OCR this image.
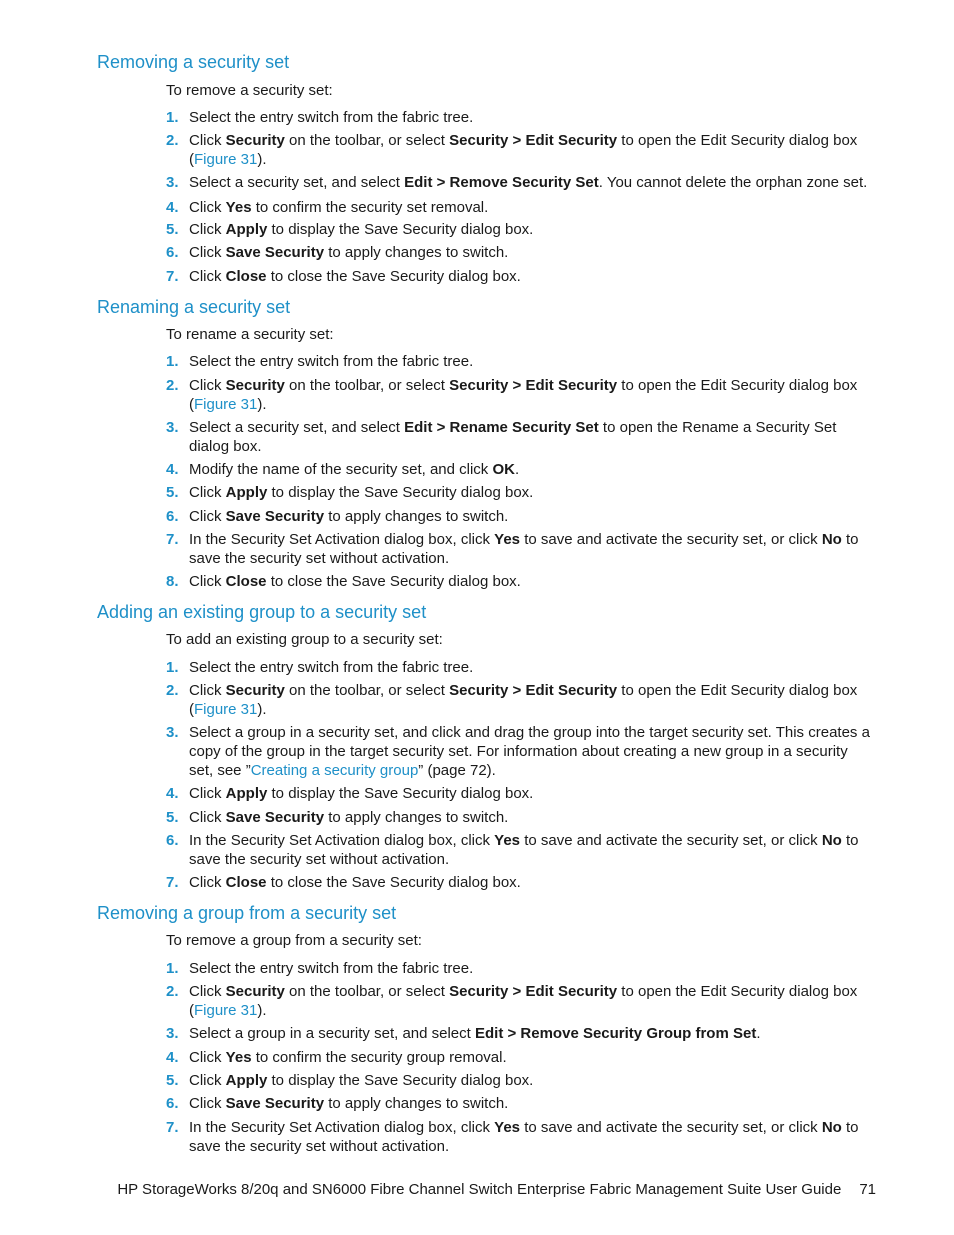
Removing a security set

To remove a security set:

1. Select the entry switch from the fabric tree.
2. Click Security on the toolbar, or select Security > Edit Security to open the Edit Security dialog box (Figure 31).
3. Select a security set, and select Edit > Remove Security Set. You cannot delete the orphan zone set.
4. Click Yes to confirm the security set removal.
5. Click Apply to display the Save Security dialog box.
6. Click Save Security to apply changes to switch.
7. Click Close to close the Save Security dialog box.
Renaming a security set

To rename a security set:

1. Select the entry switch from the fabric tree.
2. Click Security on the toolbar, or select Security > Edit Security to open the Edit Security dialog box (Figure 31).
3. Select a security set, and select Edit > Rename Security Set to open the Rename a Security Set dialog box.
4. Modify the name of the security set, and click OK.
5. Click Apply to display the Save Security dialog box.
6. Click Save Security to apply changes to switch.
7. In the Security Set Activation dialog box, click Yes to save and activate the security set, or click No to save the security set without activation.
8. Click Close to close the Save Security dialog box.
Adding an existing group to a security set

To add an existing group to a security set:

1. Select the entry switch from the fabric tree.
2. Click Security on the toolbar, or select Security > Edit Security to open the Edit Security dialog box (Figure 31).
3. Select a group in a security set, and click and drag the group into the target security set. This creates a copy of the group in the target security set. For information about creating a new group in a security set, see ”Creating a security group” (page 72).
4. Click Apply to display the Save Security dialog box.
5. Click Save Security to apply changes to switch.
6. In the Security Set Activation dialog box, click Yes to save and activate the security set, or click No to save the security set without activation.
7. Click Close to close the Save Security dialog box.
Removing a group from a security set

To remove a group from a security set:

1. Select the entry switch from the fabric tree.
2. Click Security on the toolbar, or select Security > Edit Security to open the Edit Security dialog box (Figure 31).
3. Select a group in a security set, and select Edit > Remove Security Group from Set.
4. Click Yes to confirm the security group removal.
5. Click Apply to display the Save Security dialog box.
6. Click Save Security to apply changes to switch.
7. In the Security Set Activation dialog box, click Yes to save and activate the security set, or click No to save the security set without activation.
HP StorageWorks 8/20q and SN6000 Fibre Channel Switch Enterprise Fabric Management Suite User Guide 71
